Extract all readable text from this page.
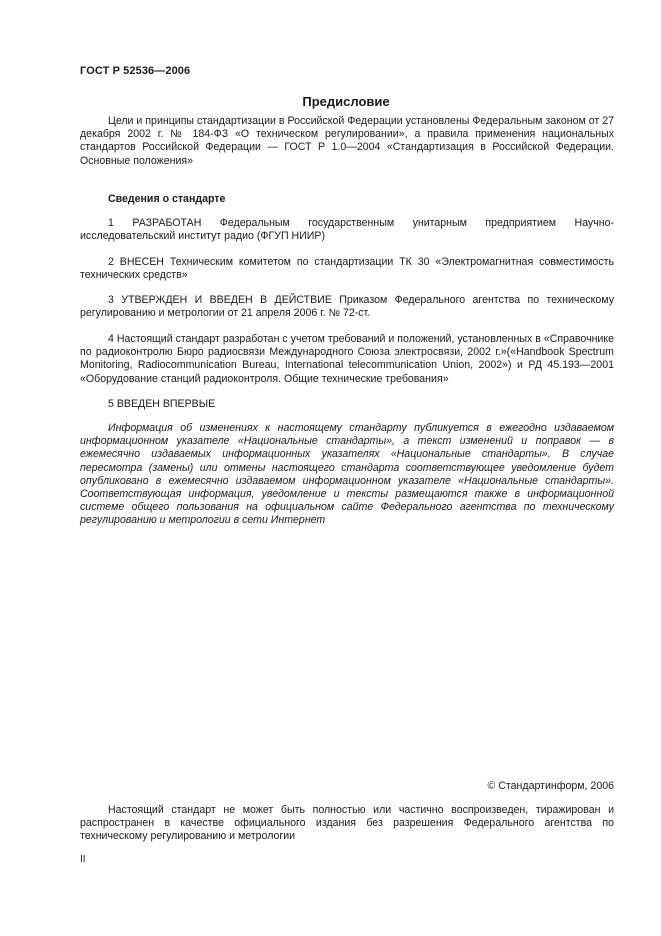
ГОСТ Р 52536—2006
Предисловие

Цели и принципы стандартизации в Российской Федерации установлены Федеральным законом от 27 декабря 2002 г. № 184-ФЗ «О техническом регулировании», а правила применения национальных стандартов Российской Федерации — ГОСТ Р 1.0—2004 «Стандартизация в Российской Федерации. Основные положения»

Сведения о стандарте

1 РАЗРАБОТАН Федеральным государственным унитарным предприятием Научно-исследовательский институт радио (ФГУП НИИР)

2 ВНЕСЕН Техническим комитетом по стандартизации ТК 30 «Электромагнитная совместимость технических средств»

3 УТВЕРЖДЕН И ВВЕДЕН В ДЕЙСТВИЕ Приказом Федерального агентства по техническому регулированию и метрологии от 21 апреля 2006 г. № 72-ст.

4 Настоящий стандарт разработан с учетом требований и положений, установленных в «Справочнике по радиоконтролю Бюро радиосвязи Международного Союза электросвязи, 2002 г.»(«Handbook Spectrum Monitoring, Radiocommunication Bureau, International telecommunication Union, 2002») и РД 45.193—2001 «Оборудование станций радиоконтроля. Общие технические требования»

5 ВВЕДЕН ВПЕРВЫЕ

Информация об изменениях к настоящему стандарту публикуется в ежегодно издаваемом информационном указателе «Национальные стандарты», а текст изменений и поправок — в ежемесячно издаваемых информационных указателях «Национальные стандарты». В случае пересмотра (замены) или отмены настоящего стандарта соответствующее уведомление будет опубликовано в ежемесячно издаваемом информационном указателе «Национальные стандарты». Соответствующая информация, уведомление и тексты размещаются также в информационной системе общего пользования на официальном сайте Федерального агентства по техническому регулированию и метрологии в сети Интернет

© Стандартинформ, 2006

Настоящий стандарт не может быть полностью или частично воспроизведен, тиражирован и распространен в качестве официального издания без разрешения Федерального агентства по техническому регулированию и метрологии

II
